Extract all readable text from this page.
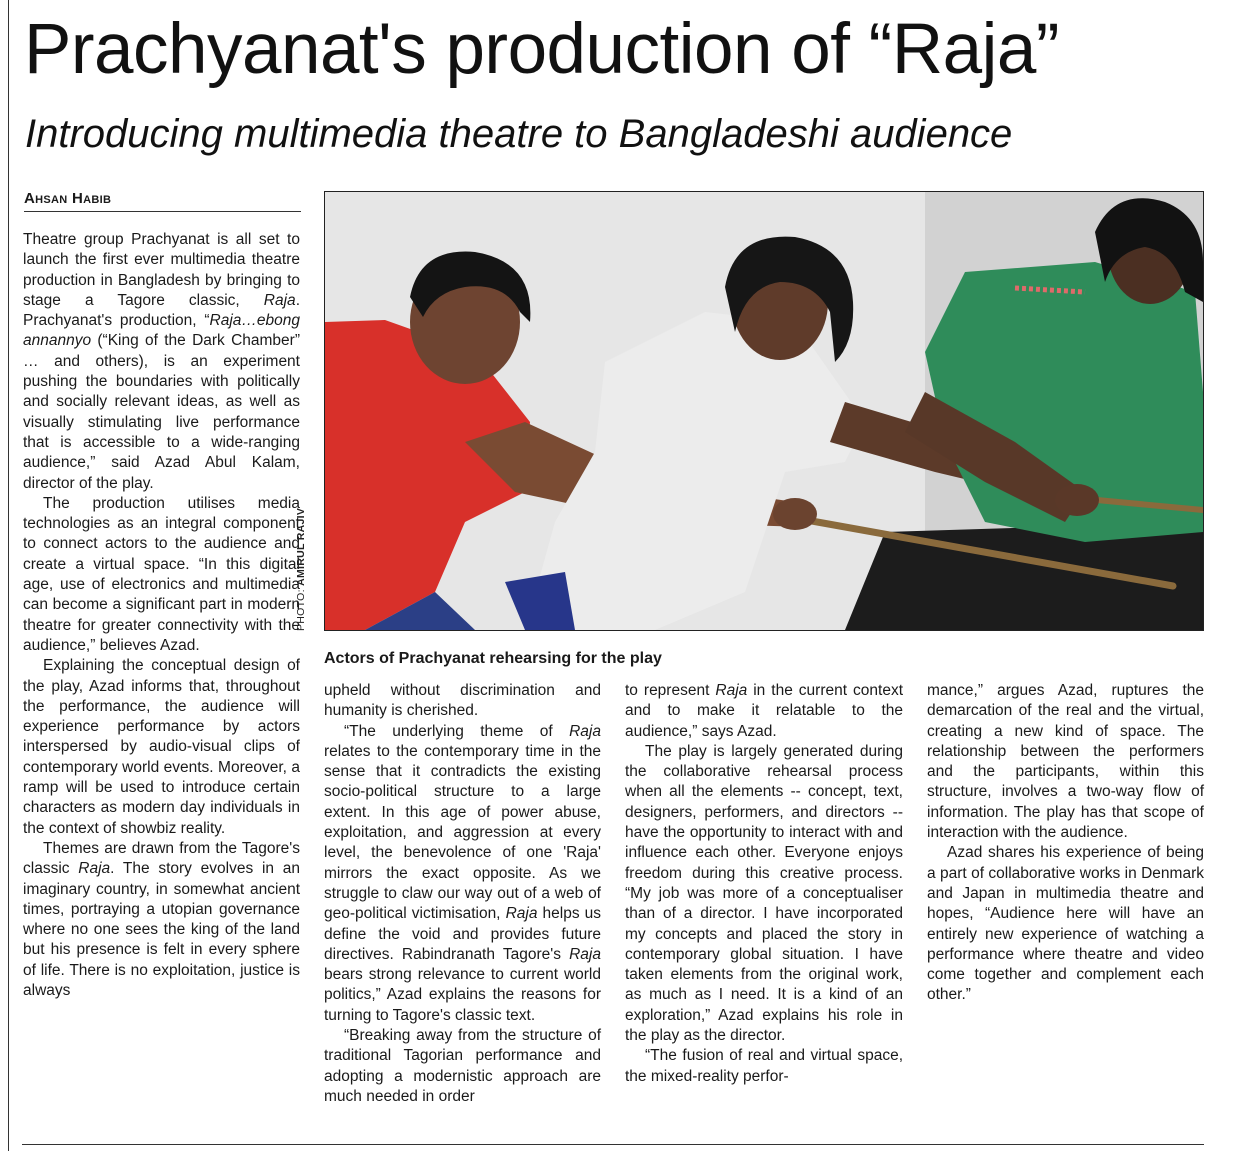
Prachyanat's production of “Raja”
Introducing multimedia theatre to Bangladeshi audience
Ahsan Habib

Theatre group Prachyanat is all set to launch the first ever multimedia theatre production in Bangladesh by bringing to stage a Tagore classic, Raja. Prachyanat's production, “Raja…ebong annannyo (“King of the Dark Chamber” … and others), is an experiment pushing the boundaries with politically and socially relevant ideas, as well as visually stimulating live performance that is accessible to a wide-ranging audience,” said Azad Abul Kalam, director of the play.

The production utilises media technologies as an integral component to connect actors to the audience and create a virtual space. “In this digital age, use of electronics and multimedia can become a significant part in modern theatre for greater connectivity with the audience,” believes Azad.

Explaining the conceptual design of the play, Azad informs that, throughout the performance, the audience will experience performance by actors interspersed by audio-visual clips of contemporary world events. Moreover, a ramp will be used to introduce certain characters as modern day individuals in the context of showbiz reality.

Themes are drawn from the Tagore's classic Raja. The story evolves in an imaginary country, in somewhat ancient times, portraying a utopian governance where no one sees the king of the land but his presence is felt in every sphere of life. There is no exploitation, justice is always

PHOTO: AMIRUL RAJIV
Actors of Prachyanat rehearsing for the play

upheld without discrimination and humanity is cherished.

“The underlying theme of Raja relates to the contemporary time in the sense that it contradicts the existing socio-political structure to a large extent. In this age of power abuse, exploitation, and aggression at every level, the benevolence of one 'Raja' mirrors the exact opposite. As we struggle to claw our way out of a web of geo-political victimisation, Raja helps us define the void and provides future directives. Rabindranath Tagore's Raja bears strong relevance to current world politics,” Azad explains the reasons for turning to Tagore's classic text.

“Breaking away from the structure of traditional Tagorian performance and adopting a modernistic approach are much needed in order

to represent Raja in the current context and to make it relatable to the audience,” says Azad.

The play is largely generated during the collaborative rehearsal process when all the elements -- concept, text, designers, performers, and directors -- have the opportunity to interact with and influence each other. Everyone enjoys freedom during this creative process. “My job was more of a conceptualiser than of a director. I have incorporated my concepts and placed the story in contemporary global situation. I have taken elements from the original work, as much as I need. It is a kind of an exploration,” Azad explains his role in the play as the director.

“The fusion of real and virtual space, the mixed-reality perfor-

mance,” argues Azad, ruptures the demarcation of the real and the virtual, creating a new kind of space. The relationship between the performers and the participants, within this structure, involves a two-way flow of information. The play has that scope of interaction with the audience.

Azad shares his experience of being a part of collaborative works in Denmark and Japan in multimedia theatre and hopes, “Audience here will have an entirely new experience of watching a performance where theatre and video come together and complement each other.”
